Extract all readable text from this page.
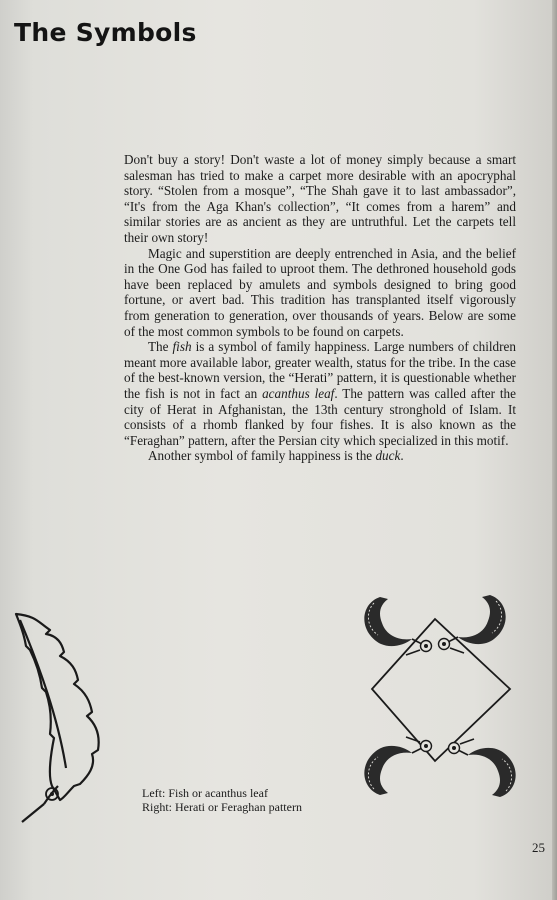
The Symbols

Don't buy a story! Don't waste a lot of money simply because a smart salesman has tried to make a carpet more desirable with an apocryphal story. “Stolen from a mosque”, “The Shah gave it to last ambassador”, “It's from the Aga Khan's collection”, “It comes from a harem” and similar stories are as ancient as they are untruthful. Let the carpets tell their own story!

Magic and superstition are deeply entrenched in Asia, and the belief in the One God has failed to uproot them. The dethroned household gods have been replaced by amulets and symbols designed to bring good fortune, or avert bad. This tradition has transplanted itself vigorously from generation to generation, over thousands of years. Below are some of the most common symbols to be found on carpets.

The fish is a symbol of family happiness. Large numbers of children meant more available labor, greater wealth, status for the tribe. In the case of the best-known version, the “Herati” pattern, it is questionable whether the fish is not in fact an acanthus leaf. The pattern was called after the city of Herat in Afghanistan, the 13th century stronghold of Islam. It consists of a rhomb flanked by four fishes. It is also known as the “Feraghan” pattern, after the Persian city which specialized in this motif.

Another symbol of family happiness is the duck.

Left: Fish or acanthus leaf
Right: Herati or Feraghan pattern
25
